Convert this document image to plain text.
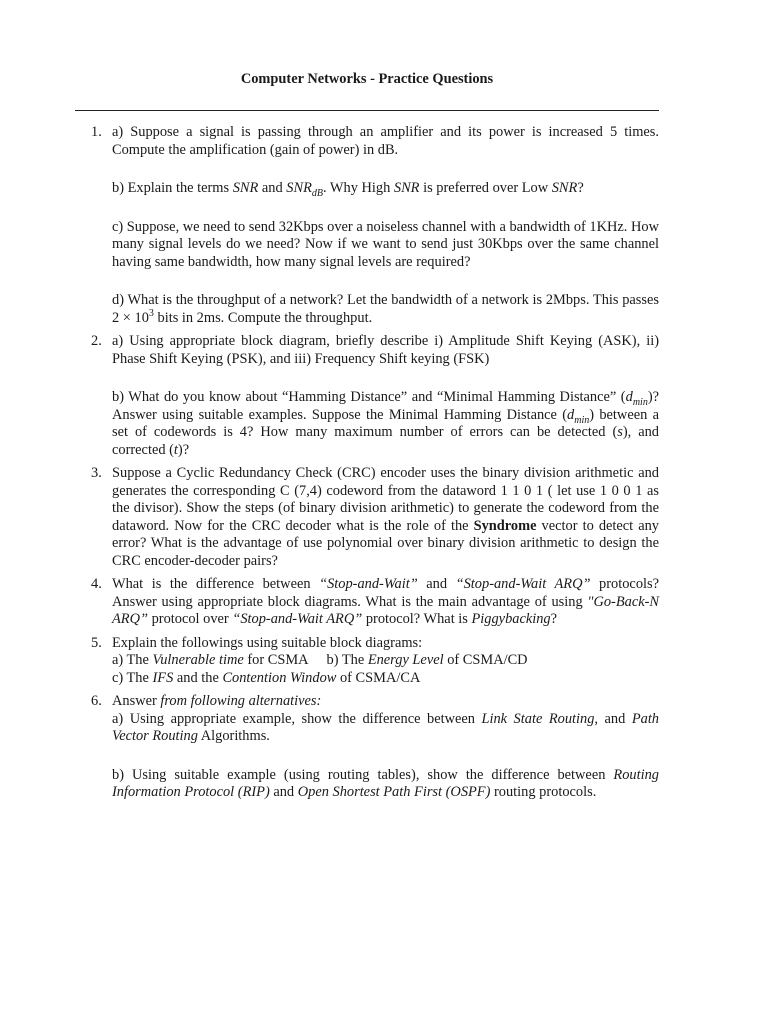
Computer Networks - Practice Questions
1. a) Suppose a signal is passing through an amplifier and its power is increased 5 times. Compute the amplification (gain of power) in dB.

b) Explain the terms SNR and $SNR_{dB}$. Why High SNR is preferred over Low SNR?

c) Suppose, we need to send 32Kbps over a noiseless channel with a bandwidth of 1KHz. How many signal levels do we need? Now if we want to send just 30Kbps over the same channel having same bandwidth, how many signal levels are required?

d) What is the throughput of a network? Let the bandwidth of a network is 2Mbps. This passes $2 \times 10^3$ bits in 2ms. Compute the throughput.

2. a) Using appropriate block diagram, briefly describe i) Amplitude Shift Keying (ASK), ii) Phase Shift Keying (PSK), and iii) Frequency Shift keying (FSK)

b) What do you know about “Hamming Distance” and “Minimal Hamming Distance” $(d_{min})$? Answer using suitable examples. Suppose the Minimal Hamming Distance $(d_{min})$ between a set of codewords is 4? How many maximum number of errors can be detected (s), and corrected (t)?

3. Suppose a Cyclic Redundancy Check (CRC) encoder uses the binary division arithmetic and generates the corresponding C (7,4) codeword from the dataword 1 1 0 1 ( let use 1 0 0 1 as the divisor). Show the steps (of binary division arithmetic) to generate the codeword from the dataword. Now for the CRC decoder what is the role of the Syndrome vector to detect any error? What is the advantage of use polynomial over binary division arithmetic to design the CRC encoder-decoder pairs?

4. What is the difference between “Stop-and-Wait” and “Stop-and-Wait ARQ” protocols? Answer using appropriate block diagrams. What is the main advantage of using "Go-Back-N ARQ” protocol over “Stop-and-Wait ARQ” protocol? What is Piggybacking?

5. Explain the followings using suitable block diagrams:

a) The Vulnerable time for CSMA b) The Energy Level of CSMA/CD

c) The IFS and the Contention Window of CSMA/CA

6. Answer from following alternatives:

a) Using appropriate example, show the difference between Link State Routing, and Path Vector Routing Algorithms.

b) Using suitable example (using routing tables), show the difference between Routing Information Protocol (RIP) and Open Shortest Path First (OSPF) routing protocols.
